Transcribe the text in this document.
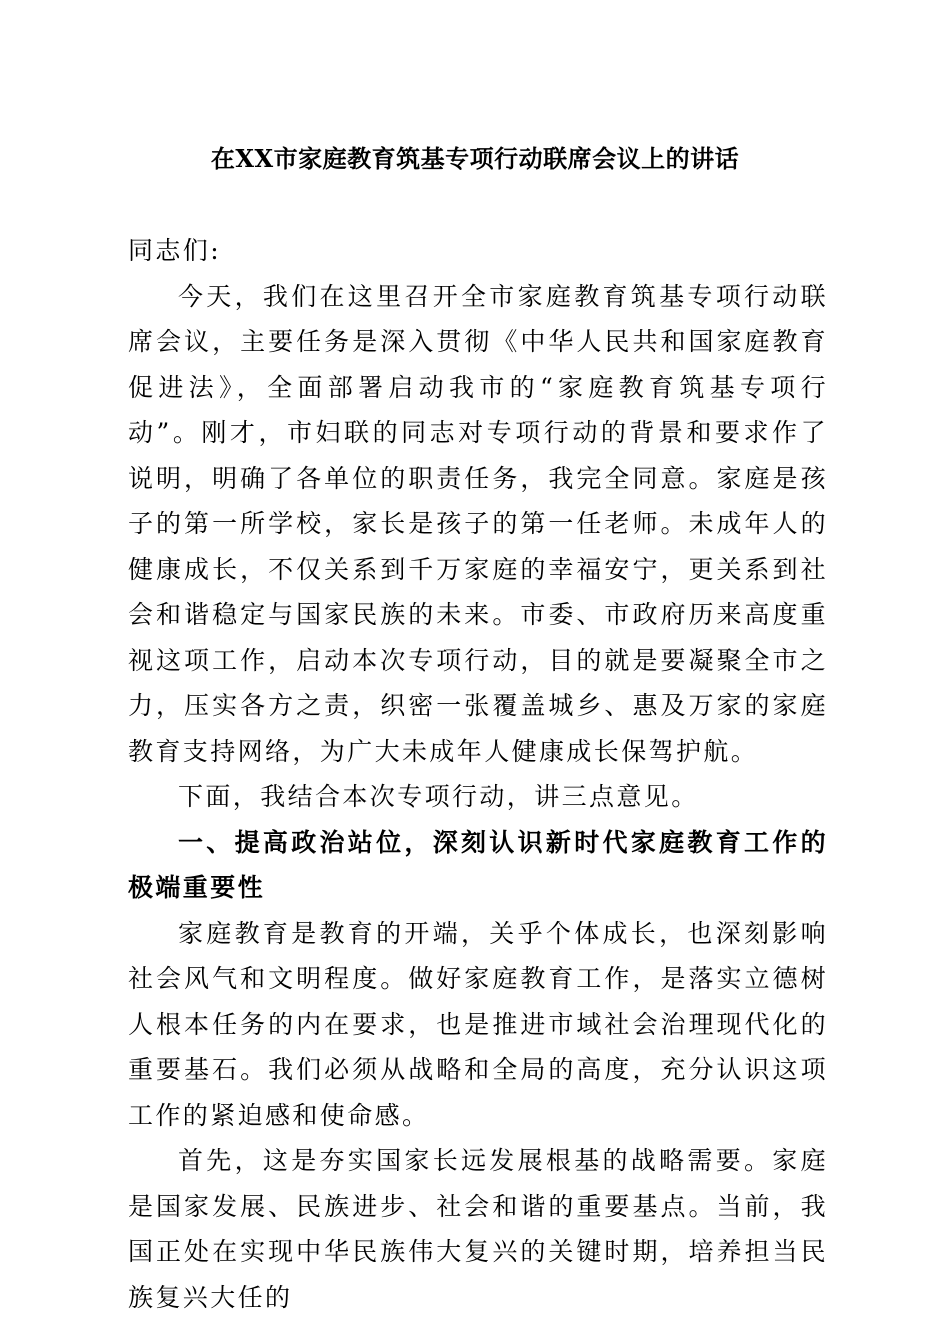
在XX市家庭教育筑基专项行动联席会议上的讲话

同志们:

今天，我们在这里召开全市家庭教育筑基专项行动联席会议，主要任务是深入贯彻《中华人民共和国家庭教育促进法》，全面部署启动我市的“家庭教育筑基专项行动”。刚才，市妇联的同志对专项行动的背景和要求作了说明，明确了各单位的职责任务，我完全同意。家庭是孩子的第一所学校，家长是孩子的第一任老师。未成年人的健康成长，不仅关系到千万家庭的幸福安宁，更关系到社会和谐稳定与国家民族的未来。市委、市政府历来高度重视这项工作，启动本次专项行动，目的就是要凝聚全市之力，压实各方之责，织密一张覆盖城乡、惠及万家的家庭教育支持网络，为广大未成年人健康成长保驾护航。

下面，我结合本次专项行动，讲三点意见。

一、提高政治站位，深刻认识新时代家庭教育工作的极端重要性

家庭教育是教育的开端，关乎个体成长，也深刻影响社会风气和文明程度。做好家庭教育工作，是落实立德树人根本任务的内在要求，也是推进市域社会治理现代化的重要基石。我们必须从战略和全局的高度，充分认识这项工作的紧迫感和使命感。

首先，这是夯实国家长远发展根基的战略需要。家庭是国家发展、民族进步、社会和谐的重要基点。当前，我国正处在实现中华民族伟大复兴的关键时期，培养担当民族复兴大任的
